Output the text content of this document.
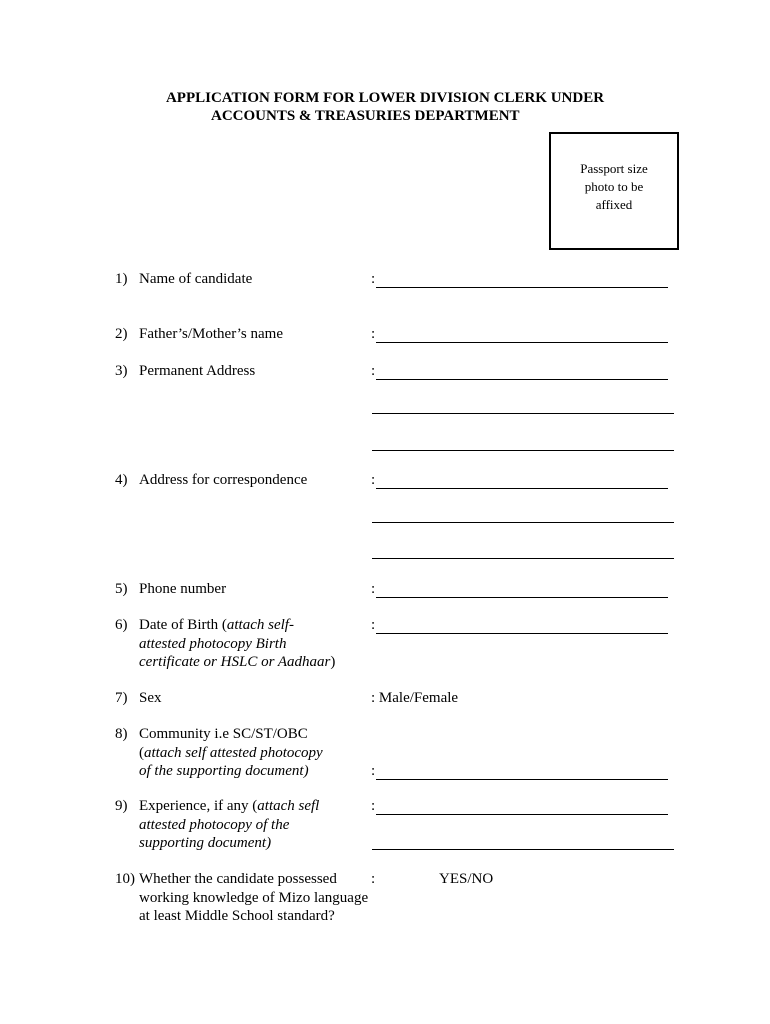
APPLICATION FORM FOR LOWER DIVISION CLERK UNDER
ACCOUNTS & TREASURIES DEPARTMENT
Passport size
photo to be
affixed
1) Name of candidate	:
2) Father’s/Mother’s name	:
3) Permanent Address	:
4) Address for correspondence	:
5) Phone number	:
6) Date of Birth (attach self-
attested photocopy Birth
certificate or HSLC or Aadhaar)
:
7) Sex	: Male/Female
8) Community i.e SC/ST/OBC
(attach self attested photocopy
of the supporting document)	:
9) Experience, if any (attach sefl
attested photocopy of the
supporting document)
:
10) Whether the candidate possessed
working knowledge of Mizo language
at least Middle School standard?
:	YES/NO
